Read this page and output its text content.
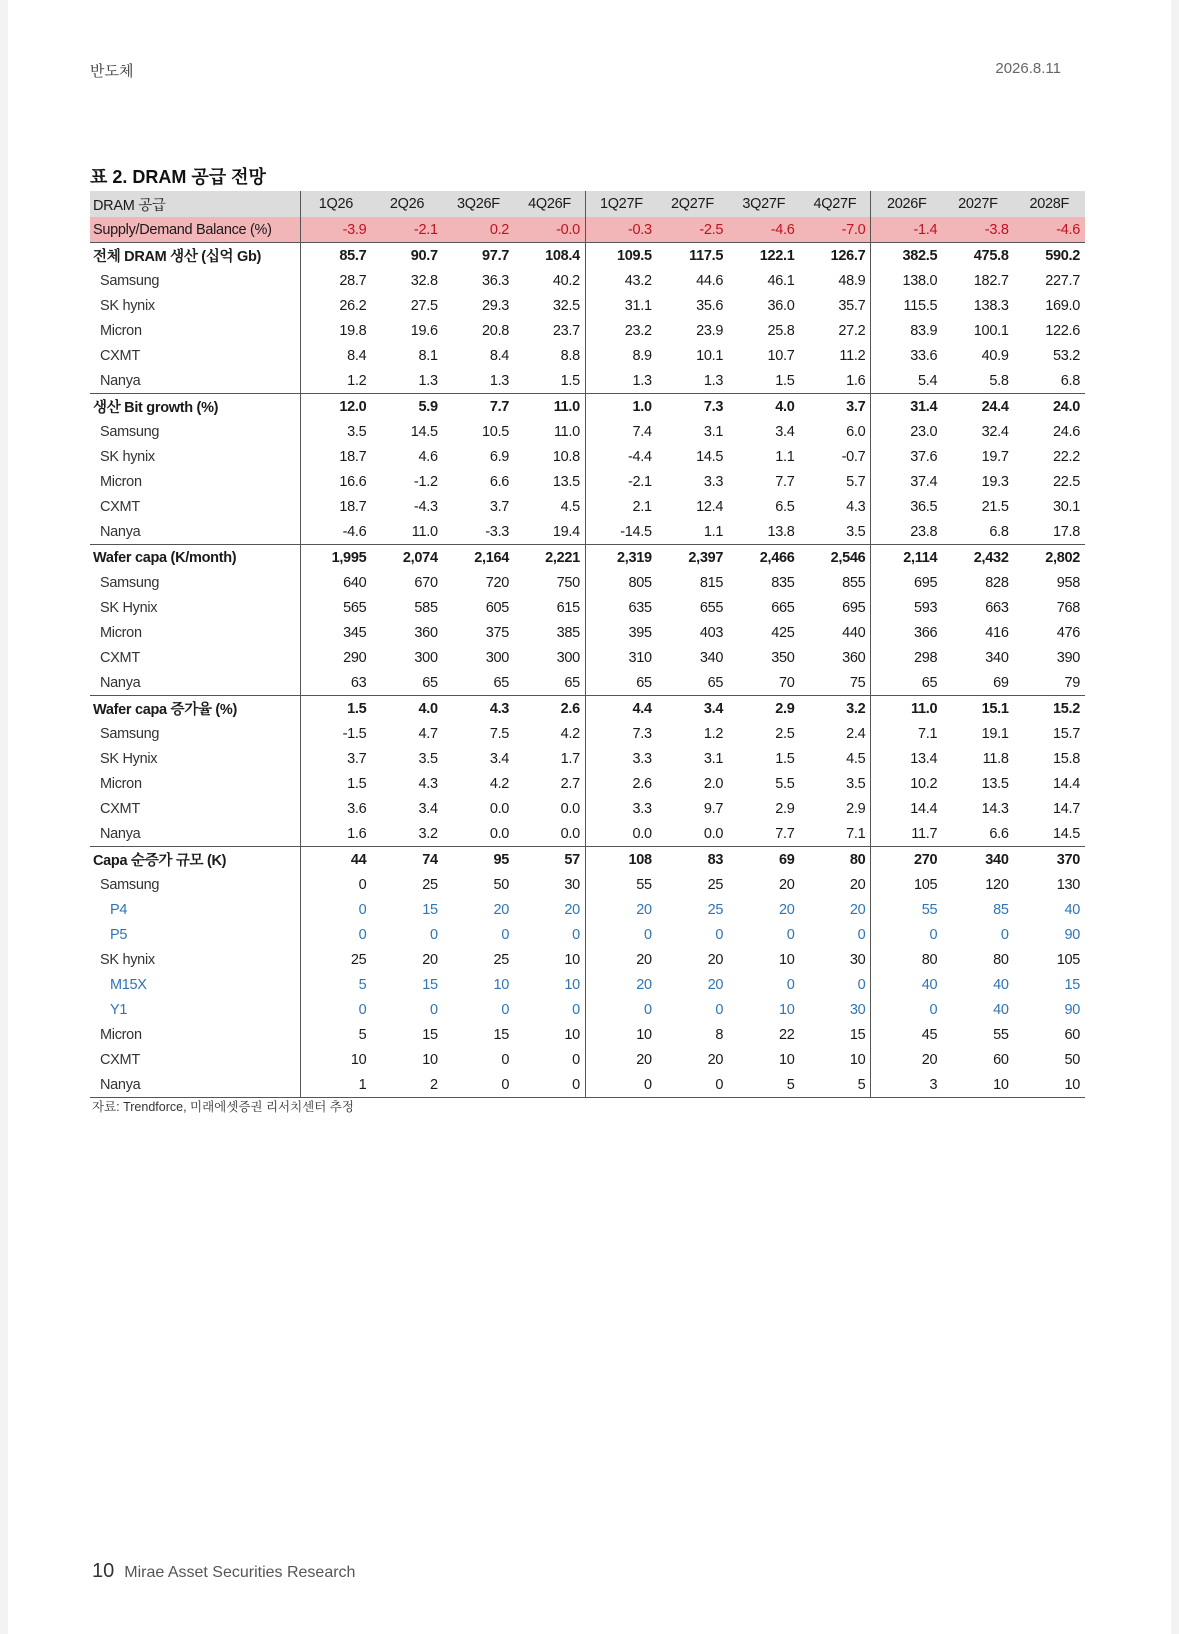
반도체	2026.8.11
표 2. DRAM 공급 전망
DRAM 공급	1Q26	2Q26	3Q26F	4Q26F	1Q27F	2Q27F	3Q27F	4Q27F	2026F	2027F	2028F
Supply/Demand Balance (%)	-3.9	-2.1	0.2	-0.0	-0.3	-2.5	-4.6	-7.0	-1.4	-3.8	-4.6
전체 DRAM 생산 (십억 Gb)	85.7	90.7	97.7	108.4	109.5	117.5	122.1	126.7	382.5	475.8	590.2
Samsung	28.7	32.8	36.3	40.2	43.2	44.6	46.1	48.9	138.0	182.7	227.7
SK hynix	26.2	27.5	29.3	32.5	31.1	35.6	36.0	35.7	115.5	138.3	169.0
Micron	19.8	19.6	20.8	23.7	23.2	23.9	25.8	27.2	83.9	100.1	122.6
CXMT	8.4	8.1	8.4	8.8	8.9	10.1	10.7	11.2	33.6	40.9	53.2
Nanya	1.2	1.3	1.3	1.5	1.3	1.3	1.5	1.6	5.4	5.8	6.8
생산 Bit growth (%)	12.0	5.9	7.7	11.0	1.0	7.3	4.0	3.7	31.4	24.4	24.0
Samsung	3.5	14.5	10.5	11.0	7.4	3.1	3.4	6.0	23.0	32.4	24.6
SK hynix	18.7	4.6	6.9	10.8	-4.4	14.5	1.1	-0.7	37.6	19.7	22.2
Micron	16.6	-1.2	6.6	13.5	-2.1	3.3	7.7	5.7	37.4	19.3	22.5
CXMT	18.7	-4.3	3.7	4.5	2.1	12.4	6.5	4.3	36.5	21.5	30.1
Nanya	-4.6	11.0	-3.3	19.4	-14.5	1.1	13.8	3.5	23.8	6.8	17.8
Wafer capa (K/month)	1,995	2,074	2,164	2,221	2,319	2,397	2,466	2,546	2,114	2,432	2,802
Samsung	640	670	720	750	805	815	835	855	695	828	958
SK Hynix	565	585	605	615	635	655	665	695	593	663	768
Micron	345	360	375	385	395	403	425	440	366	416	476
CXMT	290	300	300	300	310	340	350	360	298	340	390
Nanya	63	65	65	65	65	65	70	75	65	69	79
Wafer capa 증가율 (%)	1.5	4.0	4.3	2.6	4.4	3.4	2.9	3.2	11.0	15.1	15.2
Samsung	-1.5	4.7	7.5	4.2	7.3	1.2	2.5	2.4	7.1	19.1	15.7
SK Hynix	3.7	3.5	3.4	1.7	3.3	3.1	1.5	4.5	13.4	11.8	15.8
Micron	1.5	4.3	4.2	2.7	2.6	2.0	5.5	3.5	10.2	13.5	14.4
CXMT	3.6	3.4	0.0	0.0	3.3	9.7	2.9	2.9	14.4	14.3	14.7
Nanya	1.6	3.2	0.0	0.0	0.0	0.0	7.7	7.1	11.7	6.6	14.5
Capa 순증가 규모 (K)	44	74	95	57	108	83	69	80	270	340	370
Samsung	0	25	50	30	55	25	20	20	105	120	130
P4	0	15	20	20	20	25	20	20	55	85	40
P5	0	0	0	0	0	0	0	0	0	0	90
SK hynix	25	20	25	10	20	20	10	30	80	80	105
M15X	5	15	10	10	20	20	0	0	40	40	15
Y1	0	0	0	0	0	0	10	30	0	40	90
Micron	5	15	15	10	10	8	22	15	45	55	60
CXMT	10	10	0	0	20	20	10	10	20	60	50
Nanya	1	2	0	0	0	0	5	5	3	10	10
자료: Trendforce, 미래에셋증권 리서치센터 추정
10 Mirae Asset Securities Research
